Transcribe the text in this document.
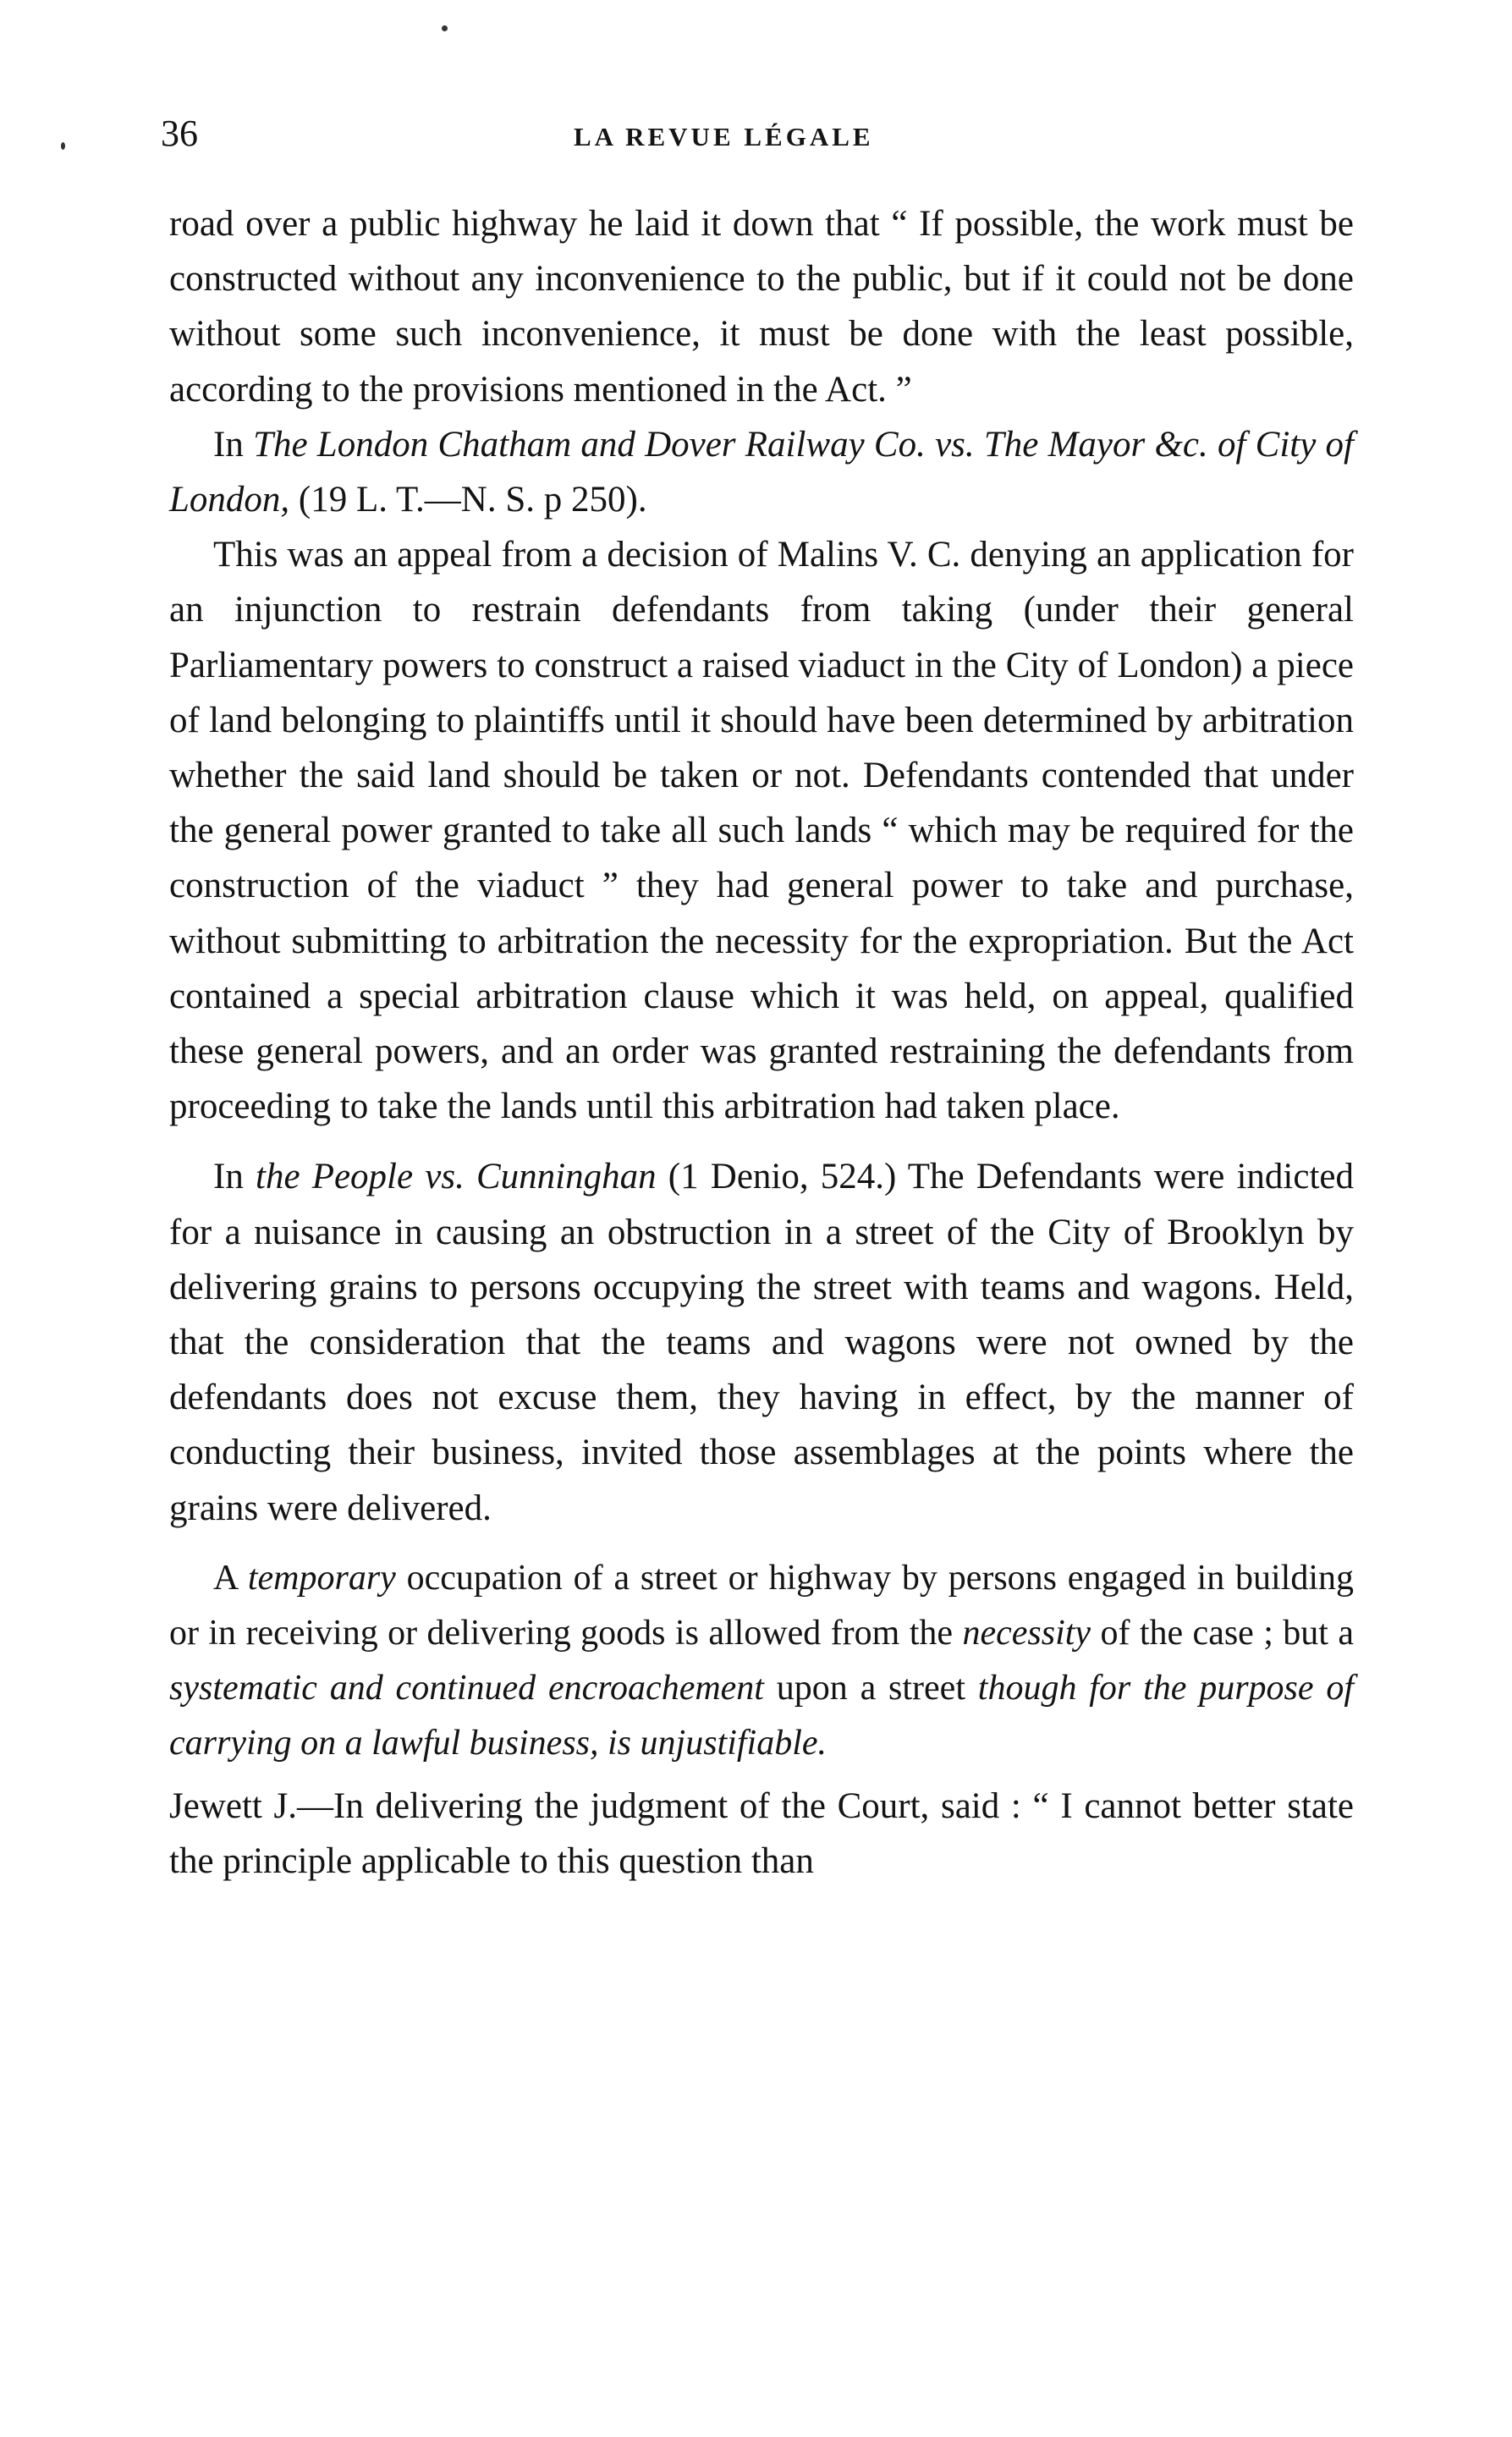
36	LA REVUE LÉGALE

road over a public highway he laid it down that “ If possible, the work must be constructed without any inconvenience to the public, but if it could not be done without some such inconvenience, it must be done with the least possible, according to the provisions mentioned in the Act. ”

In The London Chatham and Dover Railway Co. vs. The Mayor &c. of City of London, (19 L. T.—N. S. p 250).

This was an appeal from a decision of Malins V. C. denying an application for an injunction to restrain defendants from taking (under their general Parliamentary powers to construct a raised viaduct in the City of London) a piece of land belonging to plaintiffs until it should have been determined by arbitration whether the said land should be taken or not. Defendants contended that under the general power granted to take all such lands “ which may be required for the construction of the viaduct ” they had general power to take and purchase, without submitting to arbitration the necessity for the expropriation. But the Act contained a special arbitration clause which it was held, on appeal, qualified these general powers, and an order was granted restraining the defendants from proceeding to take the lands until this arbitration had taken place.

In the People vs. Cunninghan (1 Denio, 524.) The Defendants were indicted for a nuisance in causing an obstruction in a street of the City of Brooklyn by delivering grains to persons occupying the street with teams and wagons. Held, that the consideration that the teams and wagons were not owned by the defendants does not excuse them, they having in effect, by the manner of conducting their business, invited those assemblages at the points where the grains were delivered.

A temporary occupation of a street or highway by persons engaged in building or in receiving or delivering goods is allowed from the necessity of the case ; but a systematic and continued encroachement upon a street though for the purpose of carrying on a lawful business, is unjustifiable.

Jewett J.—In delivering the judgment of the Court, said : “ I cannot better state the principle applicable to this question than
